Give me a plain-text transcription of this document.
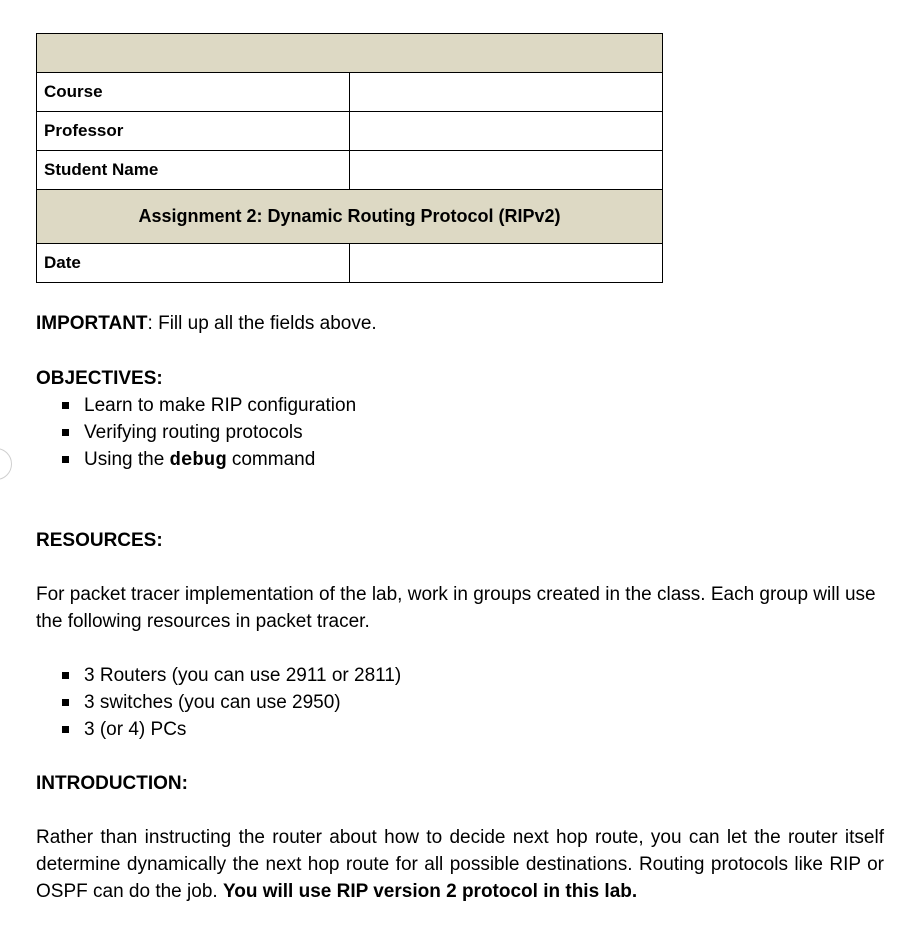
Course	
Professor	
Student Name	
Assignment 2: Dynamic Routing Protocol (RIPv2)	
Date	
IMPORTANT: Fill up all the fields above.
OBJECTIVES:
Learn to make RIP configuration
Verifying routing protocols
Using the debug command
RESOURCES:
For packet tracer implementation of the lab, work in groups created in the class. Each group will use the following resources in packet tracer.
3 Routers (you can use 2911 or 2811)
3 switches (you can use 2950)
3 (or 4) PCs
INTRODUCTION:
Rather than instructing the router about how to decide next hop route, you can let the router itself determine dynamically the next hop route for all possible destinations. Routing protocols like RIP or OSPF can do the job. You will use RIP version 2 protocol in this lab.
